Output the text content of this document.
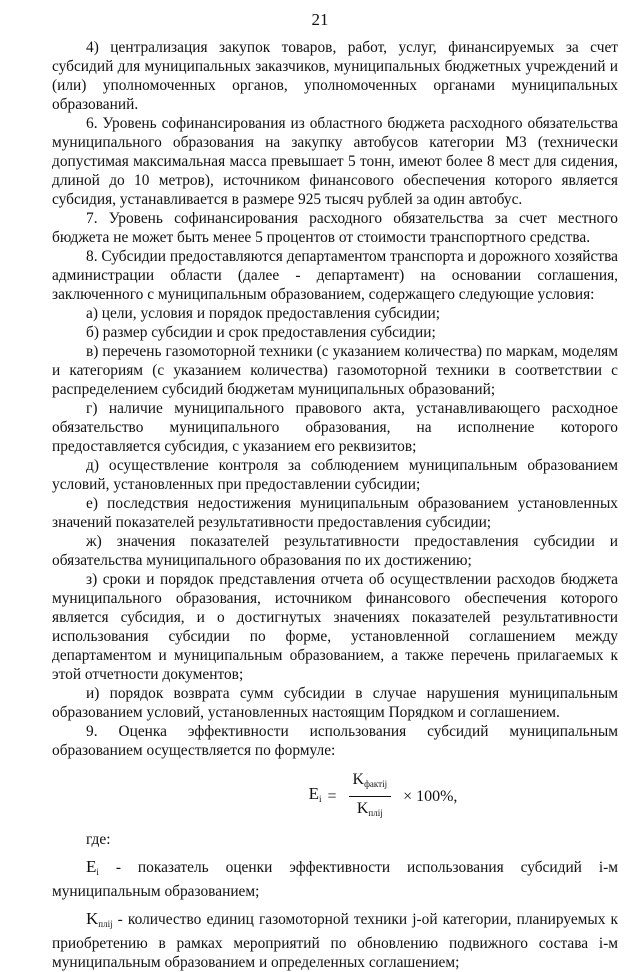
21

4) централизация закупок товаров, работ, услуг, финансируемых за счет субсидий для муниципальных заказчиков, муниципальных бюджетных учреждений и (или) уполномоченных органов, уполномоченных органами муниципальных образований.

6. Уровень софинансирования из областного бюджета расходного обязательства муниципального образования на закупку автобусов категории М3 (технически допустимая максимальная масса превышает 5 тонн, имеют более 8 мест для сидения, длиной до 10 метров), источником финансового обеспечения которого является субсидия, устанавливается в размере 925 тысяч рублей за один автобус.

7. Уровень софинансирования расходного обязательства за счет местного бюджета не может быть менее 5 процентов от стоимости транспортного средства.

8. Субсидии предоставляются департаментом транспорта и дорожного хозяйства администрации области (далее - департамент) на основании соглашения, заключенного с муниципальным образованием, содержащего следующие условия:

а) цели, условия и порядок предоставления субсидии;

б) размер субсидии и срок предоставления субсидии;

в) перечень газомоторной техники (с указанием количества) по маркам, моделям и категориям (с указанием количества) газомоторной техники в соответствии с распределением субсидий бюджетам муниципальных образований;

г) наличие муниципального правового акта, устанавливающего расходное обязательство муниципального образования, на исполнение которого предоставляется субсидия, с указанием его реквизитов;

д) осуществление контроля за соблюдением муниципальным образованием условий, установленных при предоставлении субсидии;

е) последствия недостижения муниципальным образованием установленных значений показателей результативности предоставления субсидии;

ж) значения показателей результативности предоставления субсидии и обязательства муниципального образования по их достижению;

з) сроки и порядок представления отчета об осуществлении расходов бюджета муниципального образования, источником финансового обеспечения которого является субсидия, и о достигнутых значениях показателей результативности использования субсидии по форме, установленной соглашением между департаментом и муниципальным образованием, а также перечень прилагаемых к этой отчетности документов;

и) порядок возврата сумм субсидии в случае нарушения муниципальным образованием условий, установленных настоящим Порядком и соглашением.

9. Оценка эффективности использования субсидий муниципальным образованием осуществляется по формуле:

$E_i = \frac{K_{фактij}}{K_{плij}} \times 100\%$,

где:

$E_i$ - показатель оценки эффективности использования субсидий i-м муниципальным образованием;

$K_{плij}$ - количество единиц газомоторной техники j-ой категории, планируемых к приобретению в рамках мероприятий по обновлению подвижного состава i-м муниципальным образованием и определенных соглашением;
